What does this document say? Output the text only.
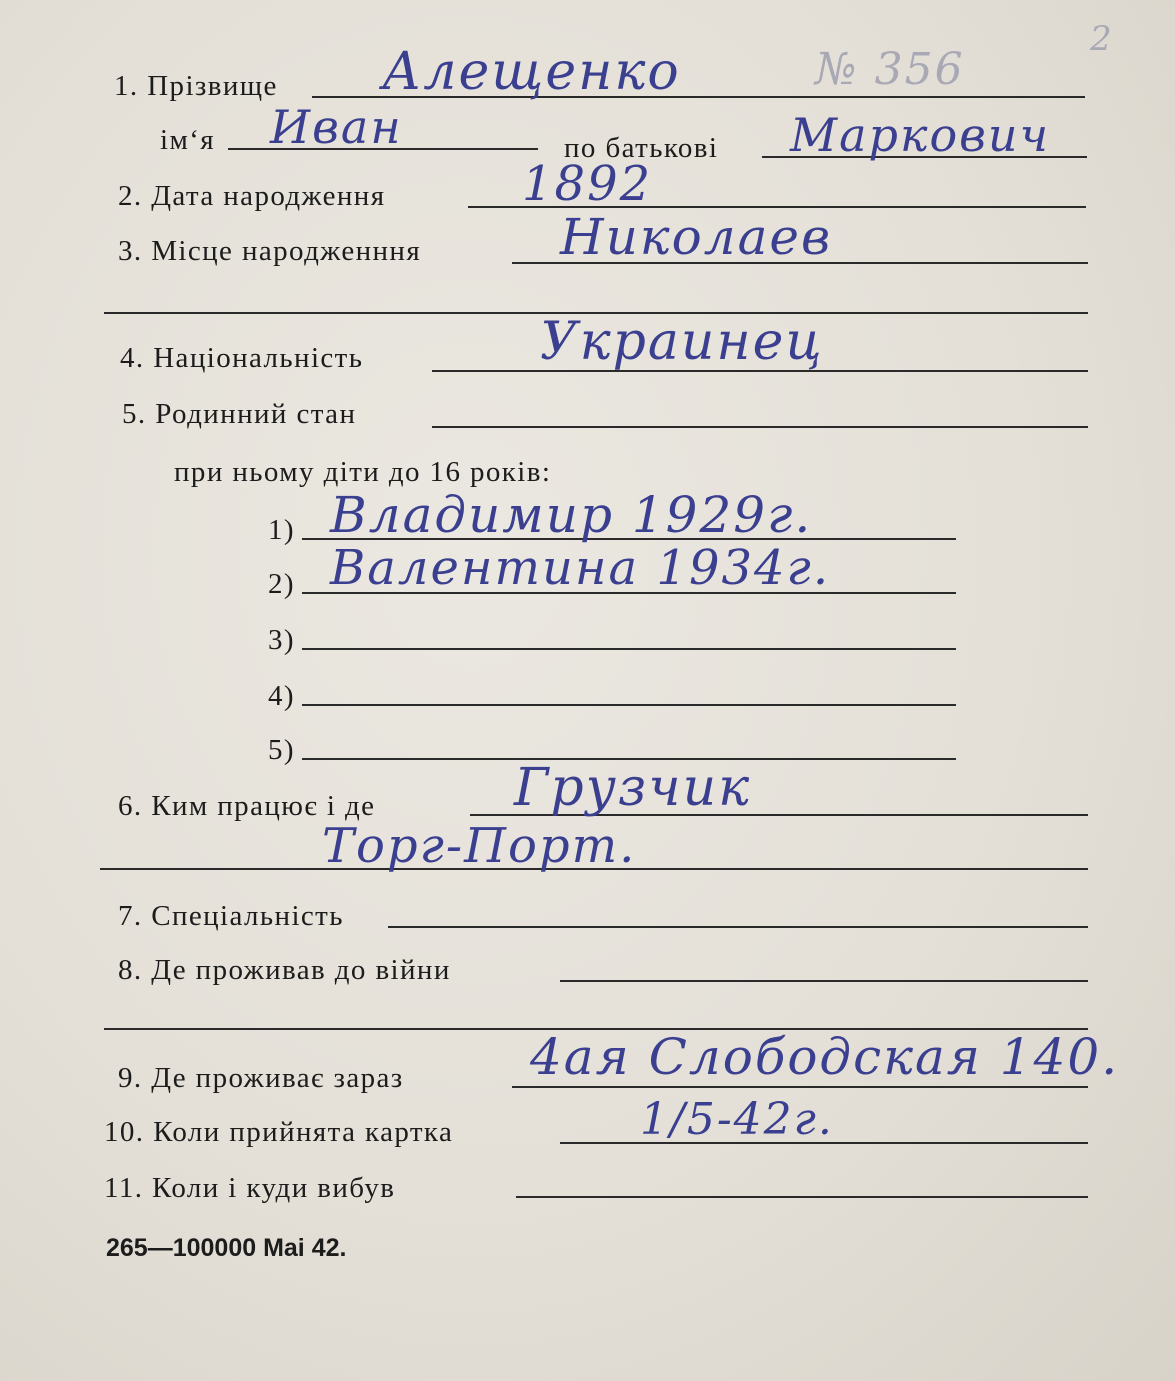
1. Прізвище Алещенко	№ 356
2
ім‘я Иван	по батькові Маркович
2. Дата народження	1892
3. Місце народженння	Николаев
4. Національність	Украинец
5. Родинний стан
при ньому діти до 16 років:
1) Владимир 1929г.
2) Валентина 1934г.
3)
4)
5)
6. Ким працює і де	Грузчик
Торг-Порт.
7. Спеціальність
8. Де проживав до війни
9. Де проживає зараз	4ая Слободская 140.
10. Коли прийнята картка	1/5-42г.
11. Коли і куди вибув
265—100000 Mai 42.
